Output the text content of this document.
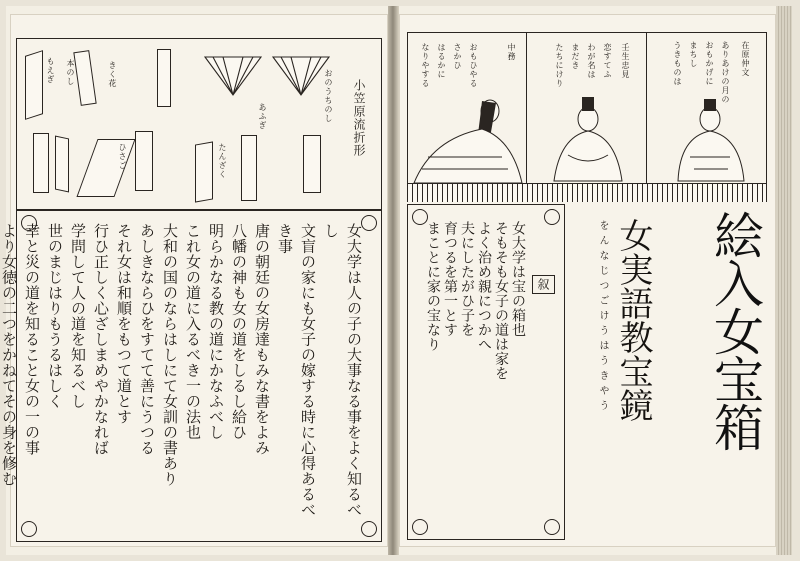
小笠原流折形
もえぎ	きく花
本のし
ひさご	たんざく
あふぎ	おのうちのし
女大学は人の子の大事なる事をよく知るべし
文盲の家にも女子の嫁する時に心得あるべき事
唐の朝廷の女房達もみな書をよみ
八幡の神も女の道をしるし給ひ
明らかなる教の道にかなふべし
これ女の道に入るべき一の法也
大和の国のならはしにて女訓の書あり
あしきならひをすてて善にうつる
それ女は和順をもつて道とす
行ひ正しく心ざしまめやかなれば
学問して人の道を知るべし
世のまじはりもうるはしく
幸と災の道を知ること女の一の事
より女徳の二つをかねてその身を修む
在原仲文
ありあけの月の
おもかげに
まちし
うきものは
壬生忠見
恋すてふ
わが名は
まだき
たちにけり
中務
おもひやる
さかひ
はるかに
なりやする
叙
女大学は宝の箱也
そもそも女子の道は家を
よく治め親につかへ
夫にしたがひ子を
育つるを第一とす
まことに家の宝なり	絵入女宝箱
女実語教宝鏡
をんなじつごけうはうきやう
